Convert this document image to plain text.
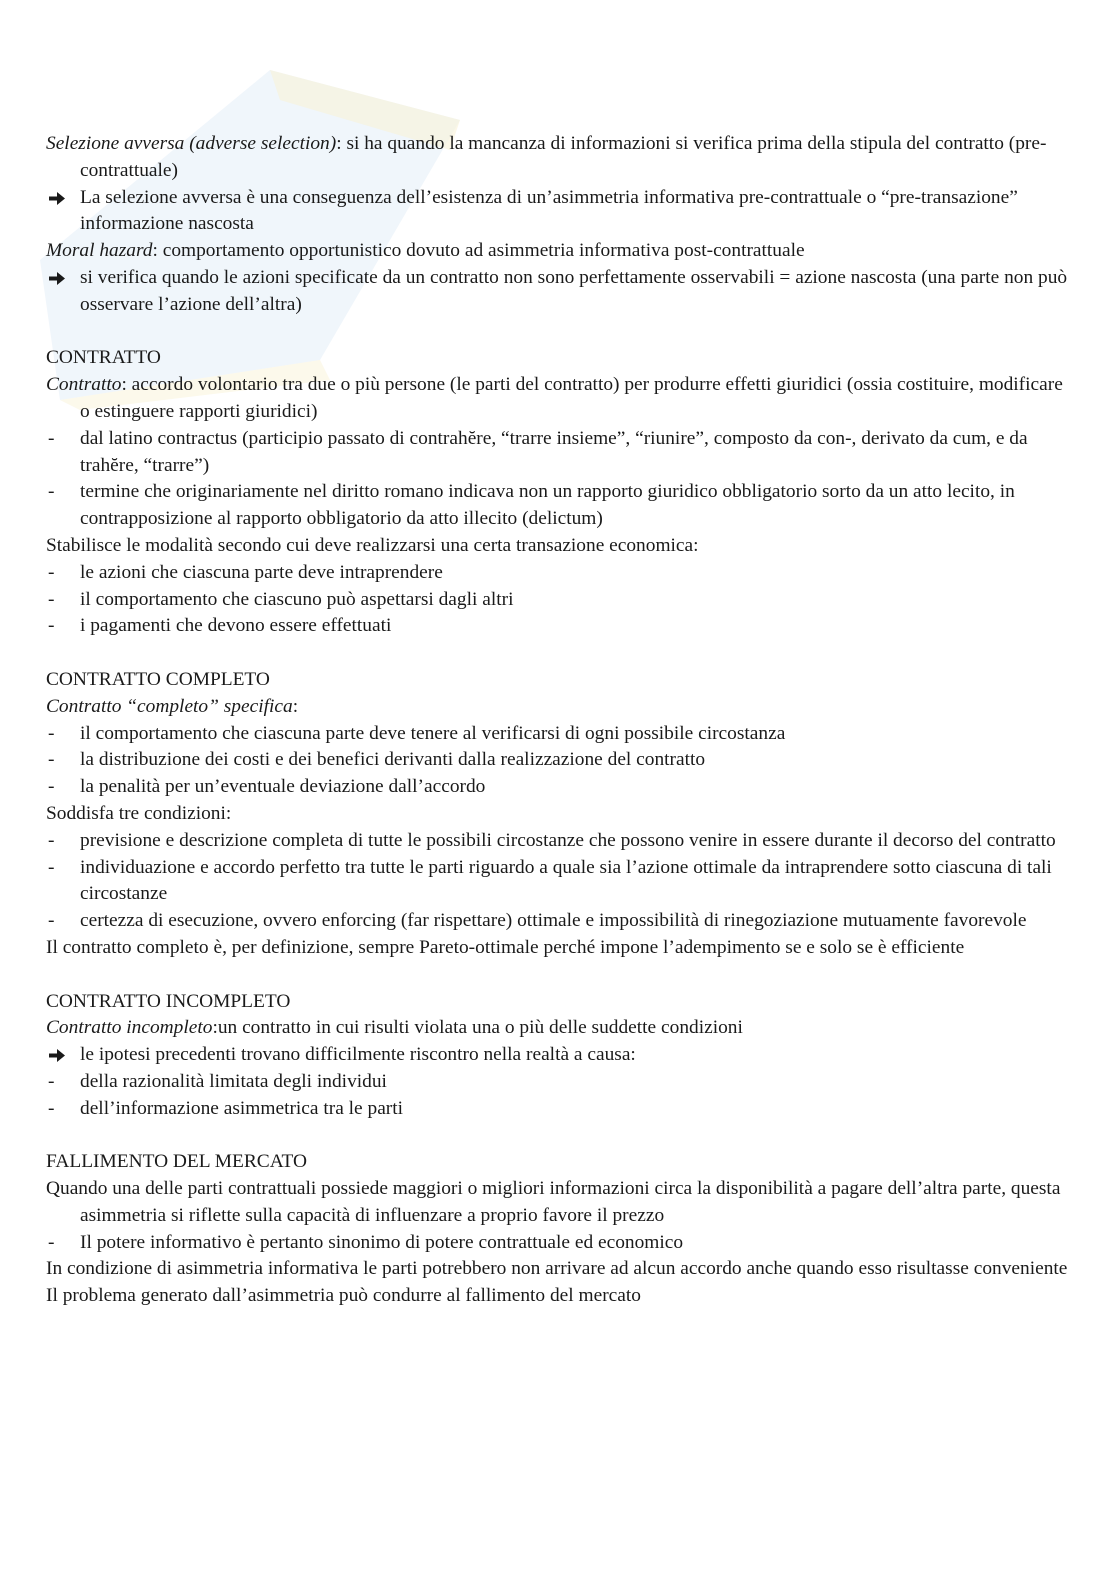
Selezione avversa (adverse selection): si ha quando la mancanza di informazioni si verifica prima della stipula del contratto (pre-contrattuale)
La selezione avversa è una conseguenza dell’esistenza di un’asimmetria informativa pre-contrattuale o “pre-transazione” informazione nascosta
Moral hazard: comportamento opportunistico dovuto ad asimmetria informativa post-contrattuale
si verifica quando le azioni specificate da un contratto non sono perfettamente osservabili = azione nascosta (una parte non può osservare l’azione dell’altra)
CONTRATTO
Contratto: accordo volontario tra due o più persone (le parti del contratto) per produrre effetti giuridici (ossia costituire, modificare o estinguere rapporti giuridici)
-	dal latino contractus (participio passato di contrahĕre, “trarre insieme”, “riunire”, composto da con-, derivato da cum, e da trahĕre, “trarre”)
-	termine che originariamente nel diritto romano indicava non un rapporto giuridico obbligatorio sorto da un atto lecito, in contrapposizione al rapporto obbligatorio da atto illecito (delictum)
Stabilisce le modalità secondo cui deve realizzarsi una certa transazione economica:
-	le azioni che ciascuna parte deve intraprendere
-	il comportamento che ciascuno può aspettarsi dagli altri
-	i pagamenti che devono essere effettuati
CONTRATTO COMPLETO
Contratto “completo” specifica:
-	il comportamento che ciascuna parte deve tenere al verificarsi di ogni possibile circostanza
-	la distribuzione dei costi e dei benefici derivanti dalla realizzazione del contratto
-	la penalità per un’eventuale deviazione dall’accordo
Soddisfa tre condizioni:
-	previsione e descrizione completa di tutte le possibili circostanze che possono venire in essere durante il decorso del contratto
-	individuazione e accordo perfetto tra tutte le parti riguardo a quale sia l’azione ottimale da intraprendere sotto ciascuna di tali circostanze
-	certezza di esecuzione, ovvero enforcing (far rispettare) ottimale e impossibilità di rinegoziazione mutuamente favorevole
Il contratto completo è, per definizione, sempre Pareto-ottimale perché impone l’adempimento se e solo se è efficiente
CONTRATTO INCOMPLETO
Contratto incompleto:un contratto in cui risulti violata una o più delle suddette condizioni
le ipotesi precedenti trovano difficilmente riscontro nella realtà a causa:
-	della razionalità limitata degli individui
-	dell’informazione asimmetrica tra le parti
FALLIMENTO DEL MERCATO
Quando una delle parti contrattuali possiede maggiori o migliori informazioni circa la disponibilità a pagare dell’altra parte, questa asimmetria si riflette sulla capacità di influenzare a proprio favore il prezzo
-	Il potere informativo è pertanto sinonimo di potere contrattuale ed economico
In condizione di asimmetria informativa le parti potrebbero non arrivare ad alcun accordo anche quando esso risultasse conveniente
Il problema generato dall’asimmetria può condurre al fallimento del mercato
